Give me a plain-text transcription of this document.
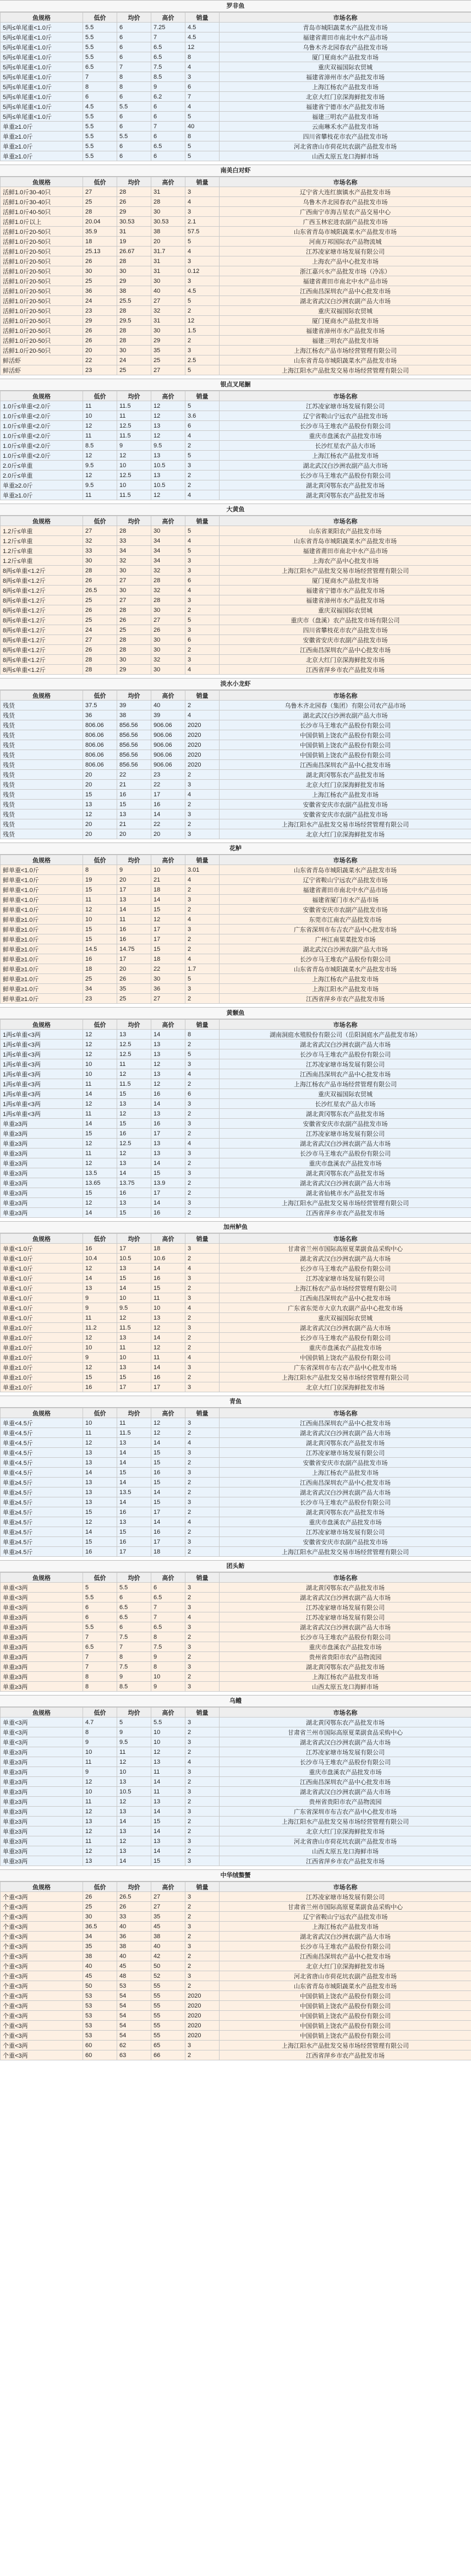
罗非鱼
鱼规格	低价	均价	高价	销量	市场名称
5两≤单尾重<1.0斤	5.5	6	7.25	4.5	青岛市城阳蔬菜水产品批发市场
5两≤单尾重<1.0斤	5.5	6	7	4.5	福建省莆田市南北中水产品市场
5两≤单尾重<1.0斤	5.5	6	6.5	12	乌鲁木齐北园春农产品批发市场
5两≤单尾重<1.0斤	5.5	6	6.5	8	厦门夏商水产品批发市场
5两≤单尾重<1.0斤	6.5	7	7.5	4	重庆双福国际农贸城
5两≤单尾重<1.0斤	7	8	8.5	3	福建省漳州市水产品批发市场
5两≤单尾重<1.0斤	8	8	9	6	上海江杨农产品批发市场
5两≤单尾重<1.0斤	6	6	6.2	7	北京大红门京深海鲜批发市场
5两≤单尾重<1.0斤	4.5	5.5	6	4	福建省宁德市水产品批发市场
5两≤单尾重<1.0斤	5.5	6	6	5	福建三明农产品批发市场
单重≥1.0斤	5.5	6	7	40	云南琳禾水产品批发市场
单重≥1.0斤	5.5	5.5	6	8	四川省攀枝花市农产品批发市场
单重≥1.0斤	5.5	6	6.5	5	河北省唐山市荷花坑农副产品批发市场
单重≥1.0斤	5.5	6	6	5	山西太原五龙口海鲜市场
南美白对虾
鱼规格	低价	均价	高价	销量	市场名称
活鲜1.0斤30-40只	27	28	31	3	辽宁省大连红旗镇水产品批发市场
活鲜1.0斤30-40只	25	26	28	4	乌鲁木齐北园春农产品批发市场
活鲜1.0斤40-50只	28	29	30	3	广西南宁市海吉星农产品交易中心
活鲜1.0斤以上	20.04	30.53	30.53	2.1	广西玉林宏进农副产品批发市场
活鲜1.0斤20-50只	35.9	31	38	57.5	山东省青岛市城阳蔬菜水产品批发市场
活鲜1.0斤20-50只	18	19	20	5	河南万邦国际农产品物流城
活鲜1.0斤20-50只	25.13	26.67	31.7	4	江苏凌家塘市场发展有限公司
活鲜1.0斤20-50只	26	28	31	3	上海农产品中心批发市场
活鲜1.0斤20-50只	30	30	31	0.12	浙江嘉兴水产品批发市场（冷冻）
活鲜1.0斤20-50只	25	29	30	3	福建省莆田市南北中水产品市场
活鲜1.0斤20-50只	36	38	40	4.5	江西南昌深圳农产品中心批发市场
活鲜1.0斤20-50只	24	25.5	27	5	湖北省武汉白沙洲农副产品大市场
活鲜1.0斤20-50只	23	28	32	2	重庆双福国际农贸城
活鲜1.0斤20-50只	29	29.5	31	12	厦门夏商水产品批发市场
活鲜1.0斤20-50只	26	28	30	1.5	福建省漳州市水产品批发市场
活鲜1.0斤20-50只	26	28	29	2	福建三明农产品批发市场
活鲜1.0斤20-50只	20	30	35	3	上海江杨农产品市场经营管理有限公司
鲜活虾	22	24	25	2.5	山东省青岛市城阳蔬菜水产品批发市场
鲜活虾	23	25	27	5	上海江阳水产品批发交易市场经营管理有限公司
银点叉尾鮰
鱼规格	低价	均价	高价	销量	市场名称
1.0斤≤单重<2.0斤	11	11.5	12	5	江苏凌家塘市场发展有限公司
1.0斤≤单重<2.0斤	10	11	12	3.6	辽宁省鞍山宁远农产品批发市场
1.0斤≤单重<2.0斤	12	12.5	13	6	长沙市马王堆农产品股份有限公司
1.0斤≤单重<2.0斤	11	11.5	12	4	重庆市盘溪农产品批发市场
1.0斤≤单重<2.0斤	8.5	9	9.5	2	长沙红星农产品大市场
1.0斤≤单重<2.0斤	12	12	13	5	上海江杨农产品批发市场
2.0斤≤单重	9.5	10	10.5	3	湖北武汉白沙洲农副产品大市场
2.0斤≤单重	12	12.5	13	2	长沙市马王堆农产品股份有限公司
单重≥2.0斤	9.5	10	10.5	2	湖北黄冈鄂东农产品批发市场
单重≥1.0斤	11	11.5	12	4	湖北黄冈鄂东农产品批发市场
大黄鱼
鱼规格	低价	均价	高价	销量	市场名称
1.2斤≤单重	27	28	30	5	山东省莱阳农产品批发市场
1.2斤≤单重	32	33	34	4	山东省青岛市城阳蔬菜水产品批发市场
1.2斤≤单重	33	34	34	5	福建省莆田市南北中水产品市场
1.2斤≤单重	30	32	34	3	上海农产品中心批发市场
8两≤单重<1.2斤	28	30	32	3	上海江阳水产品批发交易市场经营管理有限公司
8两≤单重<1.2斤	26	27	28	6	厦门夏商水产品批发市场
8两≤单重<1.2斤	26.5	30	32	4	福建省宁德市水产品批发市场
8两≤单重<1.2斤	25	27	28	3	福建省漳州市水产品批发市场
8两≤单重<1.2斤	26	28	30	2	重庆双福国际农贸城
8两≤单重<1.2斤	25	26	27	5	重庆市（盘溪）农产品批发市场有限公司
8两≤单重<1.2斤	24	25	26	3	四川省攀枝花市农产品批发市场
8两≤单重<1.2斤	27	28	30	6	安徽省安庆市农副产品批发市场
8两≤单重<1.2斤	26	28	30	2	江西南昌深圳农产品中心批发市场
8两≤单重<1.2斤	28	30	32	3	北京大红门京深海鲜批发市场
8两≤单重<1.2斤	28	29	30	4	江西省萍乡市农产品批发市场
淡水小龙虾
鱼规格	低价	均价	高价	销量	市场名称
残货	37.5	39	40	2	乌鲁木齐北园春（集团）有限公司农产品市场
残货	36	38	39	4	湖北武汉白沙洲农副产品大市场
残货	806.06	856.56	906.06	2020	长沙市马王堆农产品股份有限公司
残货	806.06	856.56	906.06	2020	中国供销上饶农产品股份有限公司
残货	806.06	856.56	906.06	2020	中国供销上饶农产品股份有限公司
残货	806.06	856.56	906.06	2020	中国供销上饶农产品股份有限公司
残货	806.06	856.56	906.06	2020	江西南昌深圳农产品中心批发市场
残货	20	22	23	2	湖北黄冈鄂东农产品批发市场
残货	20	21	22	3	北京大红门京深海鲜批发市场
残货	15	16	17	4	上海江杨农产品批发市场
残货	13	15	16	2	安徽省安庆市农副产品批发市场
残货	12	13	14	3	安徽省安庆市农副产品批发市场
残货	20	21	22	2	上海江阳水产品批发交易市场经营管理有限公司
残货	20	20	20	3	北京大红门京深海鲜批发市场
花鲈
鱼规格	低价	均价	高价	销量	市场名称
鲜单重<1.0斤	8	9	10	3.01	山东省青岛市城阳蔬菜水产品批发市场
鲜单重<1.0斤	19	20	21	4	辽宁省鞍山宁远农产品批发市场
鲜单重<1.0斤	15	17	18	2	福建省莆田市南北中水产品市场
鲜单重<1.0斤	11	13	14	3	福建省厦门市水产品市场
鲜单重<1.0斤	12	14	15	2	安徽省安庆市农副产品批发市场
鲜单重≥1.0斤	10	11	12	4	东莞市江南农产品批发市场
鲜单重≥1.0斤	15	16	17	3	广东省深圳市布吉农产品中心批发市场
鲜单重≥1.0斤	15	16	17	2	广州江南果菜批发市场
鲜单重≥1.0斤	14.5	14.75	15	2	湖北武汉白沙洲农副产品大市场
鲜单重≥1.0斤	16	17	18	4	长沙市马王堆农产品股份有限公司
鲜单重≥1.0斤	18	20	22	1.7	山东省青岛市城阳蔬菜水产品批发市场
鲜单重≥1.0斤	25	26	30	5	上海江杨农产品批发市场
鲜单重≥1.0斤	34	35	36	3	上海江阳水产品批发市场
鲜单重≥1.0斤	23	25	27	2	江西省萍乡市农产品批发市场
黄颡鱼
鱼规格	低价	均价	高价	销量	市场名称
1两≤单重<3两	12	13	14	8	湖南洞庭水殖股份有限公司（岳阳洞庭水产品批发市场）
1两≤单重<3两	12	12.5	13	2	湖北省武汉白沙洲农副产品大市场
1两≤单重<3两	12	12.5	13	5	长沙市马王堆农产品股份有限公司
1两≤单重<3两	10	11	12	3	江苏凌家塘市场发展有限公司
1两≤单重<3两	10	12	13	4	江西南昌深圳农产品中心批发市场
1两≤单重<3两	11	11.5	12	2	上海江杨农产品市场经营管理有限公司
1两≤单重<3两	14	15	16	6	重庆双福国际农贸城
1两≤单重<3两	12	13	14	3	长沙红星农产品大市场
1两≤单重<3两	11	12	13	2	湖北黄冈鄂东农产品批发市场
单重≥3两	14	15	16	3	安徽省安庆市农副产品批发市场
单重≥3两	15	16	17	2	江苏凌家塘市场发展有限公司
单重≥3两	12	12.5	13	4	湖北省武汉白沙洲农副产品大市场
单重≥3两	11	12	13	3	长沙市马王堆农产品股份有限公司
单重≥3两	12	13	14	2	重庆市盘溪农产品批发市场
单重≥3两	13.5	14	15	3	湖北黄冈鄂东农产品批发市场
单重≥3两	13.65	13.75	13.9	2	湖北省武汉白沙洲农副产品大市场
单重≥3两	15	16	17	2	湖北省仙桃市水产品批发市场
单重≥3两	12	13	14	3	上海江阳水产品批发交易市场经营管理有限公司
单重≥3两	14	15	16	2	江西省萍乡市农产品批发市场
加州鲈鱼
鱼规格	低价	均价	高价	销量	市场名称
单重<1.0斤	16	17	18	3	甘肃省兰州市国际高原夏菜副食品采购中心
单重<1.0斤	10.4	10.5	10.6	2	湖北省武汉白沙洲农副产品大市场
单重<1.0斤	12	13	14	4	长沙市马王堆农产品股份有限公司
单重<1.0斤	14	15	16	3	江苏凌家塘市场发展有限公司
单重<1.0斤	13	14	15	2	上海江杨农产品市场经营管理有限公司
单重<1.0斤	9	10	11	3	江西南昌深圳农产品中心批发市场
单重<1.0斤	9	9.5	10	4	广东省东莞市大京九农副产品中心批发市场
单重<1.0斤	11	12	13	2	重庆双福国际农贸城
单重≥1.0斤	11.2	11.5	12	3	湖北省武汉白沙洲农副产品大市场
单重≥1.0斤	12	13	14	2	长沙市马王堆农产品股份有限公司
单重≥1.0斤	10	11	12	2	重庆市盘溪农产品批发市场
单重≥1.0斤	9	10	11	4	中国供销上饶农产品股份有限公司
单重≥1.0斤	12	13	14	3	广东省深圳市布吉农产品中心批发市场
单重≥1.0斤	15	15	16	2	上海江阳水产品批发交易市场经营管理有限公司
单重≥1.0斤	16	17	17	3	北京大红门京深海鲜批发市场
青鱼
鱼规格	低价	均价	高价	销量	市场名称
单重<4.5斤	10	11	12	3	江西南昌深圳农产品中心批发市场
单重<4.5斤	11	11.5	12	2	湖北省武汉白沙洲农副产品大市场
单重<4.5斤	12	13	14	4	湖北黄冈鄂东农产品批发市场
单重<4.5斤	13	14	15	3	江苏凌家塘市场发展有限公司
单重<4.5斤	13	14	15	2	安徽省安庆市农副产品批发市场
单重<4.5斤	14	15	16	3	上海江杨农产品批发市场
单重≥4.5斤	13	14	15	2	江西南昌深圳农产品中心批发市场
单重≥4.5斤	13	13.5	14	2	湖北省武汉白沙洲农副产品大市场
单重≥4.5斤	13	14	15	3	长沙市马王堆农产品股份有限公司
单重≥4.5斤	15	16	17	2	湖北黄冈鄂东农产品批发市场
单重≥4.5斤	12	13	14	4	重庆市盘溪农产品批发市场
单重≥4.5斤	14	15	16	2	江苏凌家塘市场发展有限公司
单重≥4.5斤	15	16	17	3	安徽省安庆市农副产品批发市场
单重≥4.5斤	16	17	18	2	上海江阳水产品批发交易市场经营管理有限公司
团头鲂
鱼规格	低价	均价	高价	销量	市场名称
单重<3两	5	5.5	6	3	湖北黄冈鄂东农产品批发市场
单重<3两	5.5	6	6.5	2	湖北省武汉白沙洲农副产品大市场
单重<3两	6	6.5	7	3	江苏凌家塘市场发展有限公司
单重≥3两	6	6.5	7	4	江苏凌家塘市场发展有限公司
单重≥3两	5.5	6	6.5	3	湖北省武汉白沙洲农副产品大市场
单重≥3两	7	7.5	8	2	长沙市马王堆农产品股份有限公司
单重≥3两	6.5	7	7.5	3	重庆市盘溪农产品批发市场
单重≥3两	7	8	9	2	贵州省贵阳市农产品物流园
单重≥3两	7	7.5	8	3	湖北黄冈鄂东农产品批发市场
单重≥3两	8	9	10	2	上海江杨农产品批发市场
单重≥3两	8	8.5	9	3	山西太原五龙口海鲜市场
乌鳢
鱼规格	低价	均价	高价	销量	市场名称
单重<3两	4.7	5	5.5	3	湖北黄冈鄂东农产品批发市场
单重<3两	8	9	10	2	甘肃省兰州市国际高原夏菜副食品采购中心
单重<3两	9	9.5	10	3	湖北省武汉白沙洲农副产品大市场
单重≥3两	10	11	12	2	江苏凌家塘市场发展有限公司
单重≥3两	11	12	13	4	长沙市马王堆农产品股份有限公司
单重≥3两	9	10	11	3	重庆市盘溪农产品批发市场
单重≥3两	12	13	14	2	江西南昌深圳农产品中心批发市场
单重≥3两	10	10.5	11	3	湖北省武汉白沙洲农副产品大市场
单重≥3两	11	12	13	2	贵州省贵阳市农产品物流园
单重≥3两	12	13	14	3	广东省深圳市布吉农产品中心批发市场
单重≥3两	13	14	15	2	上海江阳水产品批发交易市场经营管理有限公司
单重≥3两	12	13	14	2	北京大红门京深海鲜批发市场
单重≥3两	11	12	13	3	河北省唐山市荷花坑农副产品批发市场
单重≥3两	12	13	14	2	山西太原五龙口海鲜市场
单重≥3两	13	14	15	3	江西省萍乡市农产品批发市场
中华绒螯蟹
鱼规格	低价	均价	高价	销量	市场名称
个重<3两	26	26.5	27	3	江苏凌家塘市场发展有限公司
个重<3两	25	26	27	2	甘肃省兰州市国际高原夏菜副食品采购中心
个重<3两	30	33	35	2	辽宁省鞍山宁远农产品批发市场
个重<3两	36.5	40	45	3	上海江杨农产品批发市场
个重<3两	34	36	38	2	湖北省武汉白沙洲农副产品大市场
个重<3两	35	38	40	3	长沙市马王堆农产品股份有限公司
个重<3两	38	40	42	2	江西南昌深圳农产品中心批发市场
个重<3两	40	45	50	2	北京大红门京深海鲜批发市场
个重<3两	45	48	52	3	河北省唐山市荷花坑农副产品批发市场
个重<3两	50	53	55	2	山东省青岛市城阳蔬菜水产品批发市场
个重<3两	53	54	55	2020	中国供销上饶农产品股份有限公司
个重<3两	53	54	55	2020	中国供销上饶农产品股份有限公司
个重<3两	53	54	55	2020	中国供销上饶农产品股份有限公司
个重<3两	53	54	55	2020	中国供销上饶农产品股份有限公司
个重<3两	53	54	55	2020	中国供销上饶农产品股份有限公司
个重<3两	60	62	65	3	上海江阳水产品批发交易市场经营管理有限公司
个重<3两	60	63	66	2	江西省萍乡市农产品批发市场
